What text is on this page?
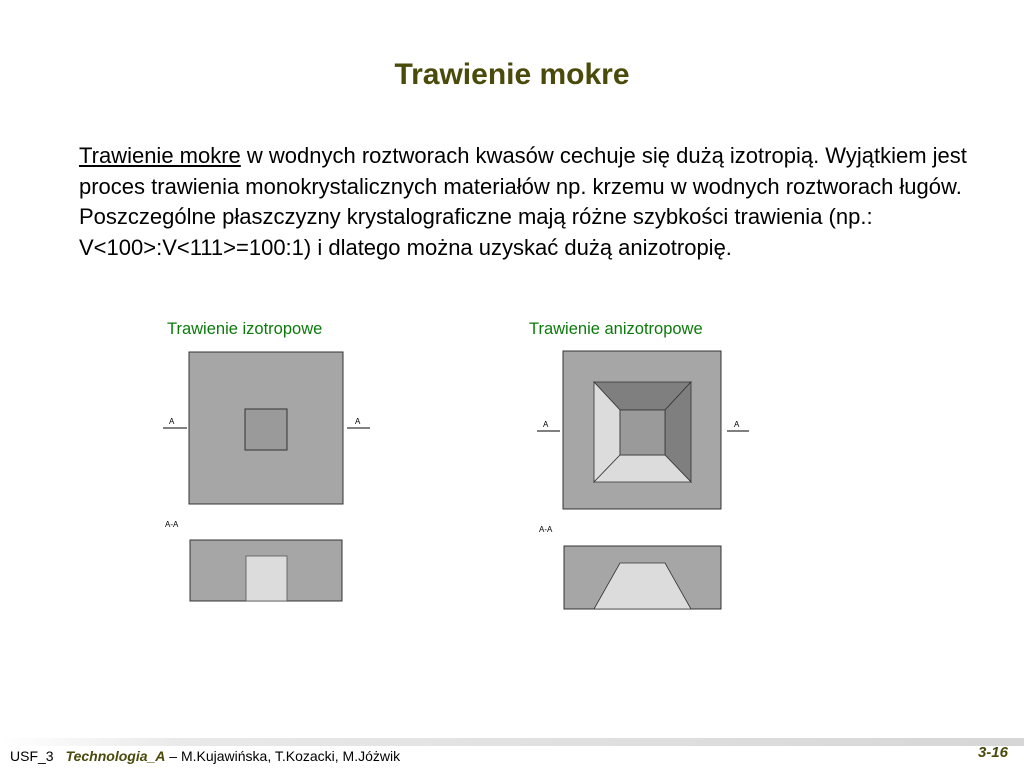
Trawienie mokre
Trawienie mokre w wodnych roztworach kwasów cechuje się dużą izotropią. Wyjątkiem jest proces trawienia monokrystalicznych materiałów np. krzemu w wodnych roztworach ługów. Poszczególne płaszczyzny krystalograficzne mają różne szybkości trawienia (np.: V<100>:V<111>=100:1) i dlatego można uzyskać dużą anizotropię.
Trawienie izotropowe	Trawienie anizotropowe
A	A
A-A
A	A
A-A
USF_3 Technologia_A – M.Kujawińska, T.Kozacki, M.Jóżwik	3-16
